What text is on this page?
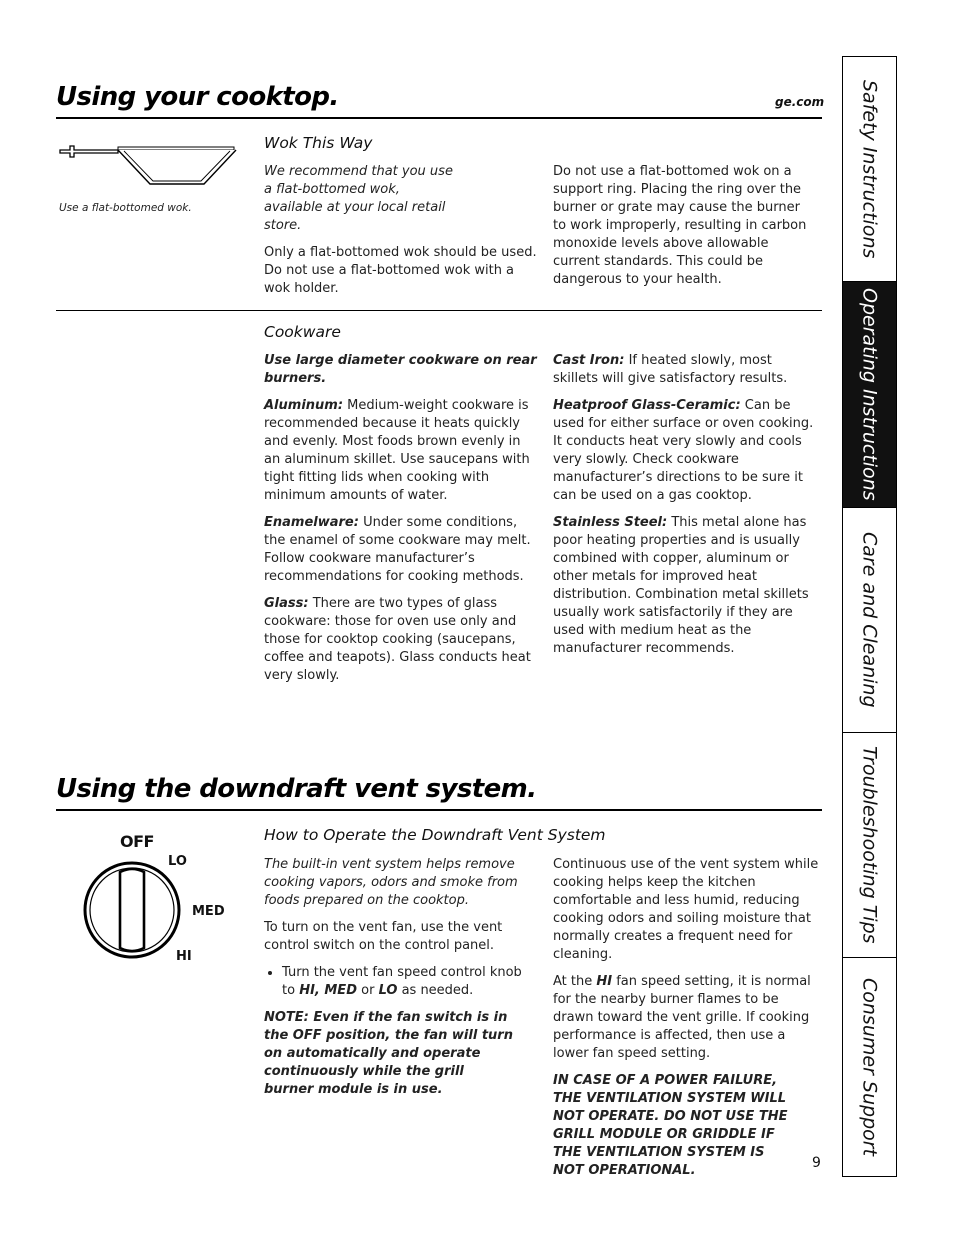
Using your cooktop.	ge.com
Use a flat-bottomed wok.
Wok This Way

We recommend that you use a flat-bottomed wok, available at your local retail store.

Only a flat-bottomed wok should be used. Do not use a flat-bottomed wok with a wok holder.

Do not use a flat-bottomed wok on a support ring. Placing the ring over the burner or grate may cause the burner to work improperly, resulting in carbon monoxide levels above allowable current standards. This could be dangerous to your health.

Cookware

Use large diameter cookware on rear burners.

Aluminum: Medium-weight cookware is recommended because it heats quickly and evenly. Most foods brown evenly in an aluminum skillet. Use saucepans with tight fitting lids when cooking with minimum amounts of water.

Enamelware: Under some conditions, the enamel of some cookware may melt. Follow cookware manufacturer’s recommendations for cooking methods.

Glass: There are two types of glass cookware: those for oven use only and those for cooktop cooking (saucepans, coffee and teapots). Glass conducts heat very slowly.

Cast Iron: If heated slowly, most skillets will give satisfactory results.

Heatproof Glass-Ceramic: Can be used for either surface or oven cooking. It conducts heat very slowly and cools very slowly. Check cookware manufacturer’s directions to be sure it can be used on a gas cooktop.

Stainless Steel: This metal alone has poor heating properties and is usually combined with copper, aluminum or other metals for improved heat distribution. Combination metal skillets usually work satisfactorily if they are used with medium heat as the manufacturer recommends.

Using the downdraft vent system.
OFF
LO
MED
HI
How to Operate the Downdraft Vent System

The built-in vent system helps remove cooking vapors, odors and smoke from foods prepared on the cooktop.

To turn on the vent fan, use the vent control switch on the control panel.

• Turn the vent fan speed control knob to HI, MED or LO as needed.

NOTE: Even if the fan switch is in the OFF position, the fan will turn on automatically and operate continuously while the grill burner module is in use.

Continuous use of the vent system while cooking helps keep the kitchen comfortable and less humid, reducing cooking odors and soiling moisture that normally creates a frequent need for cleaning.

At the HI fan speed setting, it is normal for the nearby burner flames to be drawn toward the vent grille. If cooking performance is affected, then use a lower fan speed setting.

IN CASE OF A POWER FAILURE, THE VENTILATION SYSTEM WILL NOT OPERATE. DO NOT USE THE GRILL MODULE OR GRIDDLE IF THE VENTILATION SYSTEM IS NOT OPERATIONAL.	9
Safety Instructions
Operating Instructions
Care and Cleaning
Troubleshooting Tips
Consumer Support
